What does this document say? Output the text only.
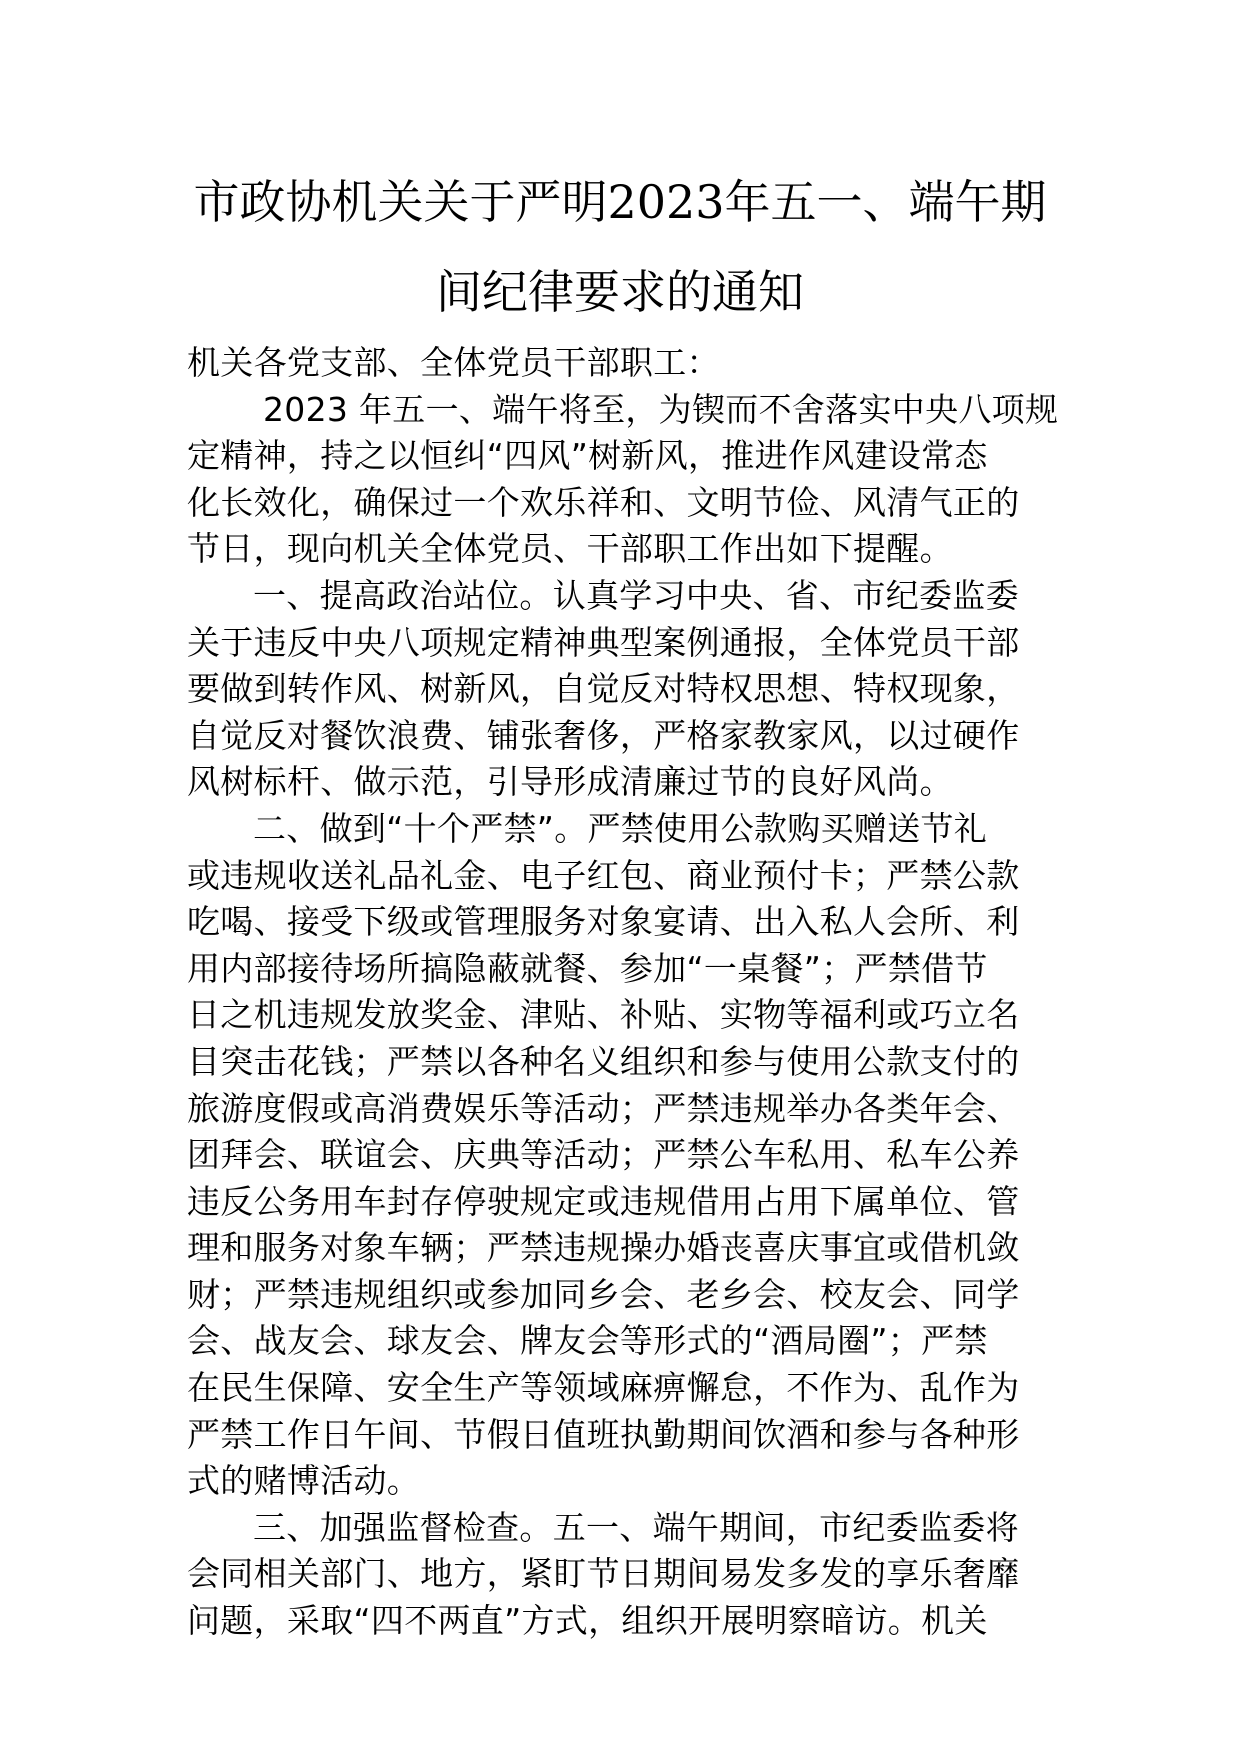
市政协机关关于严明2023年五一、端午期
间纪律要求的通知
机关各党支部、全体党员干部职工：
2023 年五一、端午将至，为锲而不舍落实中央八项规
定精神，持之以恒纠“四风”树新风，推进作风建设常态
化长效化，确保过一个欢乐祥和、文明节俭、风清气正的
节日，现向机关全体党员、干部职工作出如下提醒。
一、提高政治站位。认真学习中央、省、市纪委监委
关于违反中央八项规定精神典型案例通报，全体党员干部
要做到转作风、树新风，自觉反对特权思想、特权现象，
自觉反对餐饮浪费、铺张奢侈，严格家教家风，以过硬作
风树标杆、做示范，引导形成清廉过节的良好风尚。
二、做到“十个严禁”。严禁使用公款购买赠送节礼
或违规收送礼品礼金、电子红包、商业预付卡；严禁公款
吃喝、接受下级或管理服务对象宴请、出入私人会所、利
用内部接待场所搞隐蔽就餐、参加“一桌餐”；严禁借节
日之机违规发放奖金、津贴、补贴、实物等福利或巧立名
目突击花钱；严禁以各种名义组织和参与使用公款支付的
旅游度假或高消费娱乐等活动；严禁违规举办各类年会、
团拜会、联谊会、庆典等活动；严禁公车私用、私车公养
违反公务用车封存停驶规定或违规借用占用下属单位、管
理和服务对象车辆；严禁违规操办婚丧喜庆事宜或借机敛
财；严禁违规组织或参加同乡会、老乡会、校友会、同学
会、战友会、球友会、牌友会等形式的“酒局圈”；严禁
在民生保障、安全生产等领域麻痹懈怠，不作为、乱作为
严禁工作日午间、节假日值班执勤期间饮酒和参与各种形
式的赌博活动。
三、加强监督检查。五一、端午期间，市纪委监委将
会同相关部门、地方，紧盯节日期间易发多发的享乐奢靡
问题，采取“四不两直”方式，组织开展明察暗访。机关
